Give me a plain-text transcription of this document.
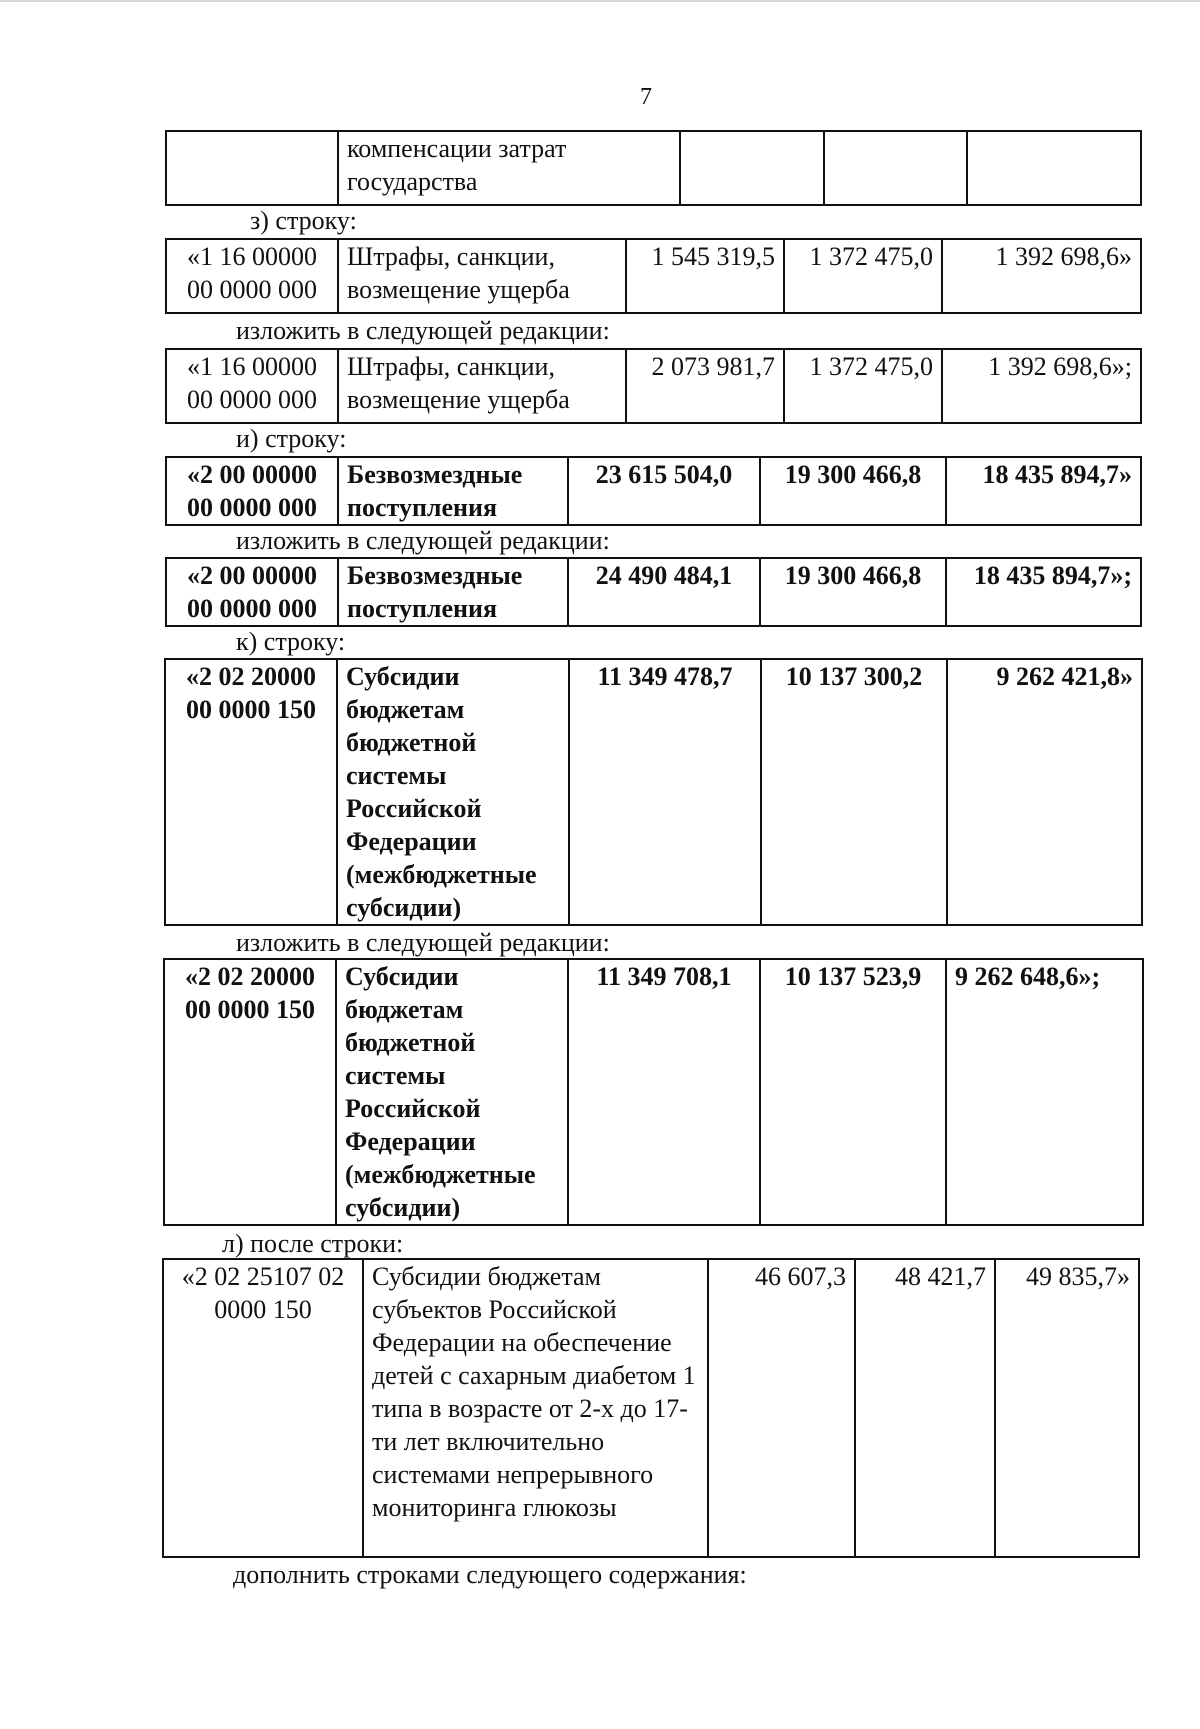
7
	компенсации затрат государства			
з) строку:
«1 16 00000 00 0000 000	Штрафы, санкции, возмещение ущерба	1 545 319,5	1 372 475,0	1 392 698,6»
изложить в следующей редакции:
«1 16 00000 00 0000 000	Штрафы, санкции, возмещение ущерба	2 073 981,7	1 372 475,0	1 392 698,6»;
и) строку:
«2 00 00000 00 0000 000	Безвозмездные поступления	23 615 504,0	19 300 466,8	18 435 894,7»
изложить в следующей редакции:
«2 00 00000 00 0000 000	Безвозмездные поступления	24 490 484,1	19 300 466,8	18 435 894,7»;
к) строку:
«2 02 20000 00 0000 150	Субсидии бюджетам бюджетной системы Российской Федерации (межбюджетные субсидии)	11 349 478,7	10 137 300,2	9 262 421,8»
изложить в следующей редакции:
«2 02 20000 00 0000 150	Субсидии бюджетам бюджетной системы Российской Федерации (межбюджетные субсидии)	11 349 708,1	10 137 523,9	9 262 648,6»;
л) после строки:
«2 02 25107 02 0000 150	Субсидии бюджетам субъектов Российской Федерации на обеспечение детей с сахарным диабетом 1 типа в возрасте от 2-х до 17-ти лет включительно системами непрерывного мониторинга глюкозы	46 607,3	48 421,7	49 835,7»
дополнить строками следующего содержания:
